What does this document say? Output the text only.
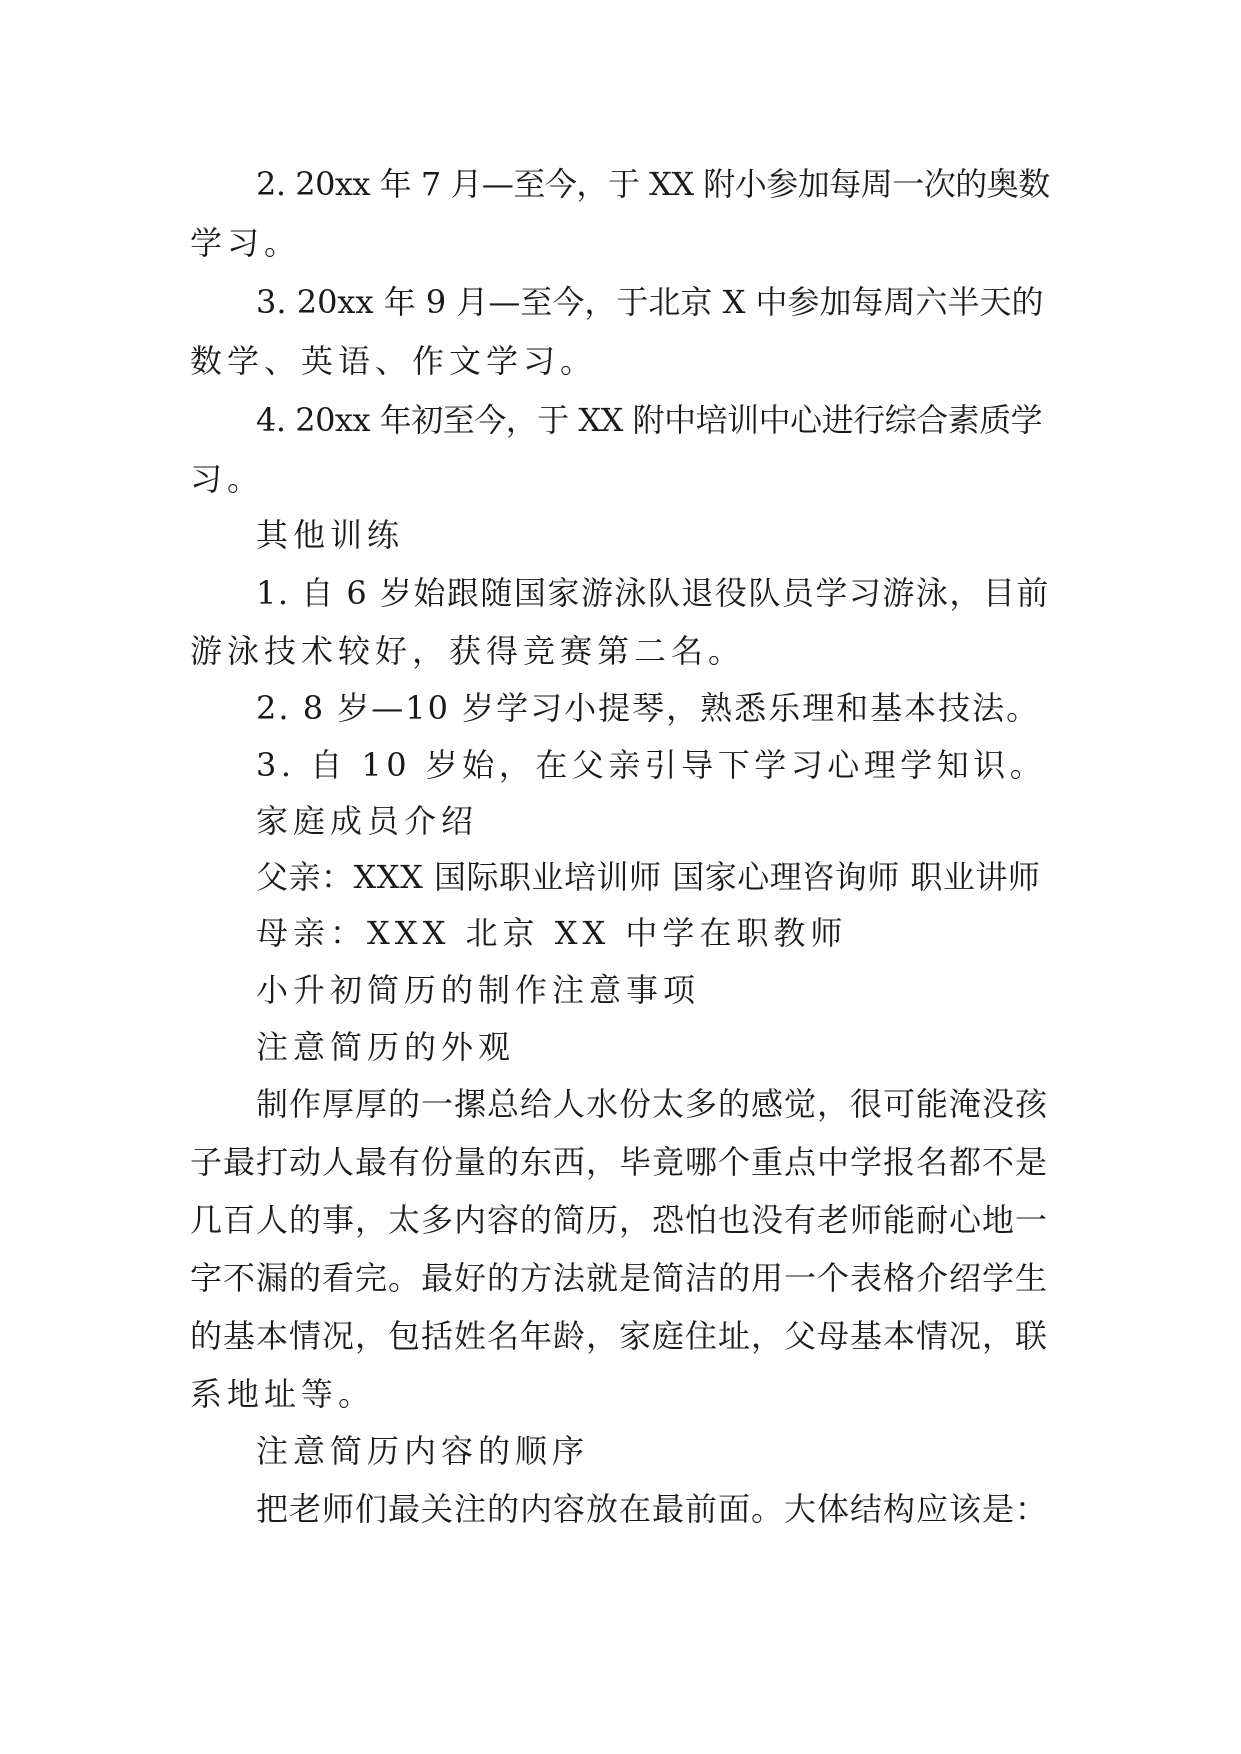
2. 20xx 年 7 月—至今，于 XX 附小参加每周一次的奥数
学习。
3. 20xx 年 9 月—至今，于北京 X 中参加每周六半天的
数学、英语、作文学习。
4. 20xx 年初至今，于 XX 附中培训中心进行综合素质学
习。
其他训练
1. 自 6 岁始跟随国家游泳队退役队员学习游泳，目前
游泳技术较好，获得竞赛第二名。
2. 8 岁—10 岁学习小提琴，熟悉乐理和基本技法。
3. 自 10 岁始，在父亲引导下学习心理学知识。
家庭成员介绍
父亲：XXX 国际职业培训师 国家心理咨询师 职业讲师
母亲：XXX 北京 XX 中学在职教师
小升初简历的制作注意事项
注意简历的外观
制作厚厚的一摞总给人水份太多的感觉，很可能淹没孩
子最打动人最有份量的东西，毕竟哪个重点中学报名都不是
几百人的事，太多内容的简历，恐怕也没有老师能耐心地一
字不漏的看完。最好的方法就是简洁的用一个表格介绍学生
的基本情况，包括姓名年龄，家庭住址，父母基本情况，联
系地址等。
注意简历内容的顺序
把老师们最关注的内容放在最前面。大体结构应该是：
